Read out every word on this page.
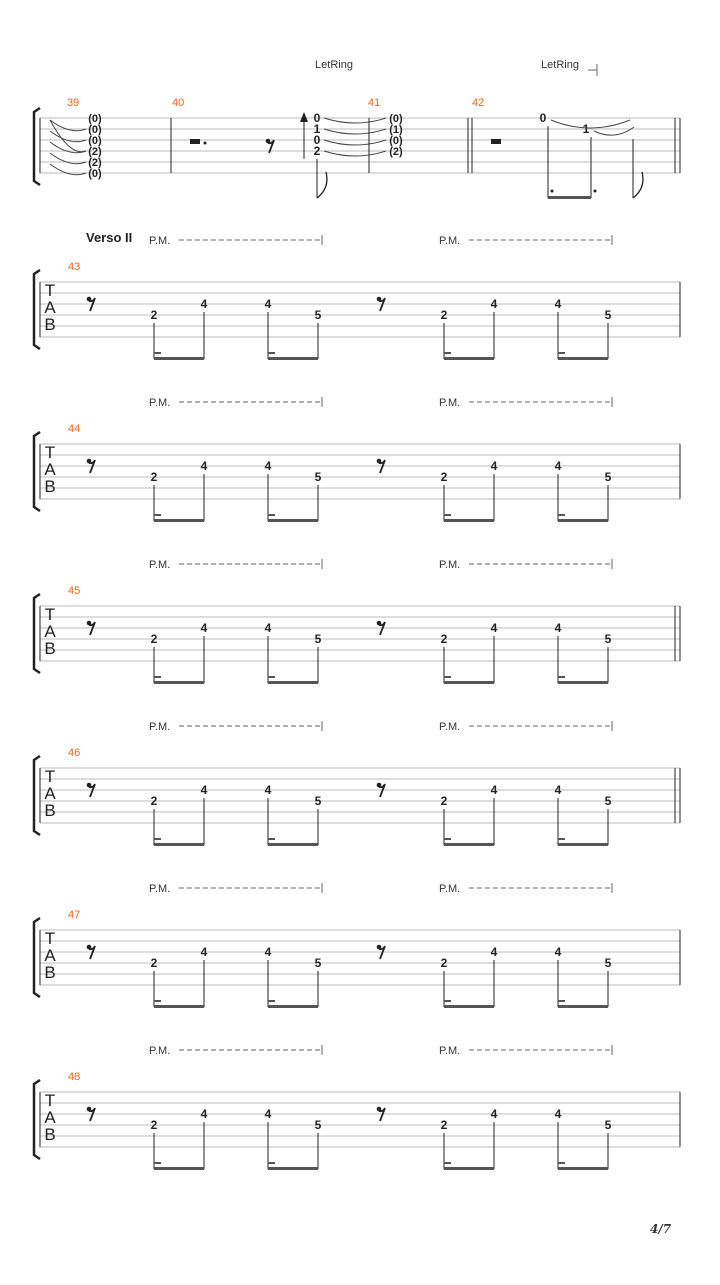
39	40	41	42
LetRing	LetRing
(0)
(0)
(0)
(2)
(2)
(0)
0
1
0
2
(0)
(1)
(0)
(2)
0
1
Verso II
T
A
B
43
P.M.	P.M.
2
4	4
5	2
4	4
5
T
A
B
44
P.M.	P.M.
2
4	4
5	2
4	4
5
T
A
B
45
P.M.	P.M.
2
4	4
5	2
4	4
5
T
A
B
46
P.M.	P.M.
2
4	4
5	2
4	4
5
T
A
B
47
P.M.	P.M.
2
4	4
5	2
4	4
5
T
A
B
48
P.M.	P.M.
2
4	4
5	2
4	4
5
4/7
